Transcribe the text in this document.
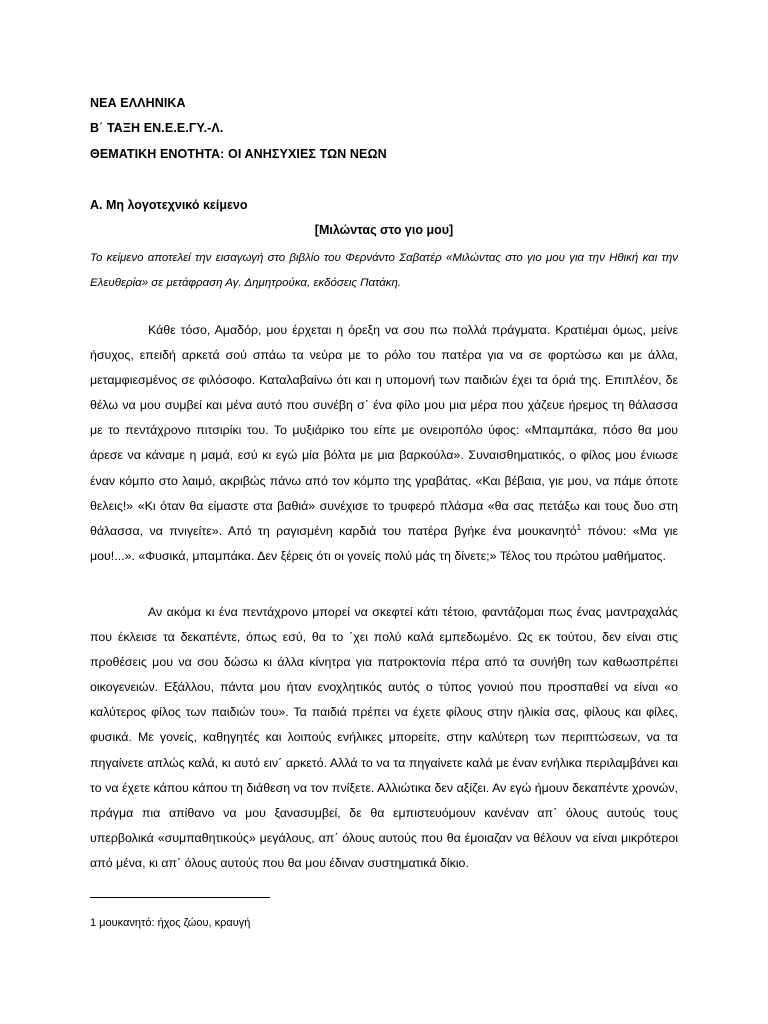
ΝΕΑ ΕΛΛΗΝΙΚΑ
Β΄ ΤΑΞΗ ΕΝ.Ε.Ε.ΓΥ.-Λ.
ΘΕΜΑΤΙΚΗ ΕΝΟΤΗΤΑ: ΟΙ ΑΝΗΣΥΧΙΕΣ ΤΩΝ ΝΕΩΝ
Α. Μη λογοτεχνικό κείμενο
[Μιλώντας στο γιο μου]
Το κείμενο αποτελεί την εισαγωγή στο βιβλίο του Φερνάντο Σαβατέρ «Μιλώντας στο γιο μου για την Ηθική και την Ελευθερία» σε μετάφραση Αγ. Δημητρούκα, εκδόσεις Πατάκη.

Κάθε τόσο, Αμαδόρ, μου έρχεται η όρεξη να σου πω πολλά πράγματα. Κρατιέμαι όμως, μείνε ήσυχος, επειδή αρκετά σού σπάω τα νεύρα με το ρόλο του πατέρα για να σε φορτώσω και με άλλα, μεταμφιεσμένος σε φιλόσοφο. Καταλαβαίνω ότι και η υπομονή των παιδιών έχει τα όριά της. Επιπλέον, δε θέλω να μου συμβεί και μένα αυτό που συνέβη σ΄ ένα φίλο μου μια μέρα που χάζευε ήρεμος τη θάλασσα με το πεντάχρονο πιτσιρίκι του. Το μυξιάρικο του είπε με ονειροπόλο ύφος: «Μπαμπάκα, πόσο θα μου άρεσε να κάναμε η μαμά, εσύ κι εγώ μία βόλτα με μια βαρκούλα». Συναισθηματικός, ο φίλος μου ένιωσε έναν κόμπο στο λαιμό, ακριβώς πάνω από τον κόμπο της γραβάτας. «Και βέβαια, γιε μου, να πάμε όποτε θελεις!» «Κι όταν θα είμαστε στα βαθιά» συνέχισε το τρυφερό πλάσμα «θα σας πετάξω και τους δυο στη θάλασσα, να πνιγείτε». Από τη ραγισμένη καρδιά του πατέρα βγήκε ένα μουκανητό$^1$ πόνου: «Μα γιε μου!...». «Φυσικά, μπαμπάκα. Δεν ξέρεις ότι οι γονείς πολύ μάς τη δίνετε;» Τέλος του πρώτου μαθήματος.

Αν ακόμα κι ένα πεντάχρονο μπορεί να σκεφτεί κάτι τέτοιο, φαντάζομαι πως ένας μαντραχαλάς που έκλεισε τα δεκαπέντε, όπως εσύ, θα το ΄χει πολύ καλά εμπεδωμένο. Ως εκ τούτου, δεν είναι στις προθέσεις μου να σου δώσω κι άλλα κίνητρα για πατροκτονία πέρα από τα συνήθη των καθωσπρέπει οικογενειών. Εξάλλου, πάντα μου ήταν ενοχλητικός αυτός ο τύπος γονιού που προσπαθεί να είναι «ο καλύτερος φίλος των παιδιών του». Τα παιδιά πρέπει να έχετε φίλους στην ηλικία σας, φίλους και φίλες, φυσικά. Με γονείς, καθηγητές και λοιπούς ενήλικες μπορείτε, στην καλύτερη των περιπτώσεων, να τα πηγαίνετε απλώς καλά, κι αυτό ειν΄ αρκετό. Αλλά το να τα πηγαίνετε καλά με έναν ενήλικα περιλαμβάνει και το να έχετε κάπου κάπου τη διάθεση να τον πνίξετε. Αλλιώτικα δεν αξίζει. Αν εγώ ήμουν δεκαπέντε χρονών, πράγμα πια απίθανο να μου ξανασυμβεί, δε θα εμπιστευόμουν κανέναν απ΄ όλους αυτούς τους υπερβολικά «συμπαθητικούς» μεγάλους, απ΄ όλους αυτούς που θα έμοιαζαν να θέλουν να είναι μικρότεροι από μένα, κι απ΄ όλους αυτούς που θα μου έδιναν συστηματικά δίκιο.

1 μουκανητό: ήχος ζώου, κραυγή
